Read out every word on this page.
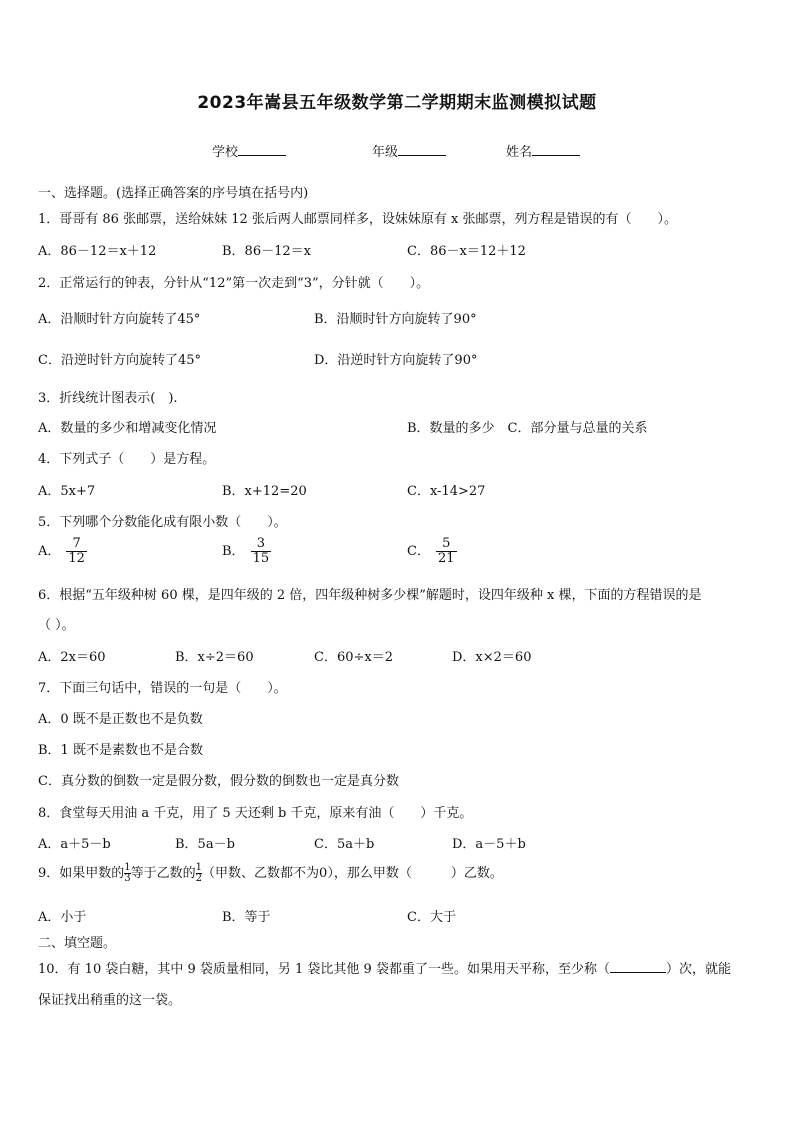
2023年嵩县五年级数学第二学期期末监测模拟试题
学校	年级	姓名
一、选择题。(选择正确答案的序号填在括号内)
1．哥哥有 86 张邮票，送给妹妹 12 张后两人邮票同样多，设妹妹原有 x 张邮票，列方程是错误的有（　　）。
A．86－12＝x＋12	B．86－12＝x	C．86－x＝12＋12
2．正常运行的钟表，分针从“12”第一次走到“3”，分针就（　　）。
A．沿顺时针方向旋转了45°	B．沿顺时针方向旋转了90°
C．沿逆时针方向旋转了45°	D．沿逆时针方向旋转了90°
3．折线统计图表示(　).
A．数量的多少和增减变化情况	B．数量的多少　C．部分量与总量的关系
4．下列式子（　　）是方程。
A．5x+7	B．x+12=20	C．x-14>27
5．下列哪个分数能化成有限小数（　　）。
A． $\frac{7}{12}$	B． $\frac{3}{15}$	C． $\frac{5}{21}$
6．根据“五年级种树 60 棵，是四年级的 2 倍，四年级种树多少棵”解题时，设四年级种 x 棵，下面的方程错误的是
（ ）。
A．2x＝60	B．x÷2＝60	C．60÷x＝2	D．x×2＝60
7．下面三句话中，错误的一句是（　　）。
A．0 既不是正数也不是负数
B．1 既不是素数也不是合数
C．真分数的倒数一定是假分数，假分数的倒数也一定是真分数
8．食堂每天用油 a 千克，用了 5 天还剩 b 千克，原来有油（　　）千克。
A．a＋5－b	B．5a－b	C．5a＋b	D．a－5＋b
9．如果甲数的 $\frac{1}{3}$ 等于乙数的 $\frac{1}{2}$ （甲数、乙数都不为0），那么甲数（　　　）乙数。
A．小于	B．等于	C．大于
二、填空题。
10．有 10 袋白糖，其中 9 袋质量相同，另 1 袋比其他 9 袋都重了一些。如果用天平称，至少称（	）次，就能
保证找出稍重的这一袋。
